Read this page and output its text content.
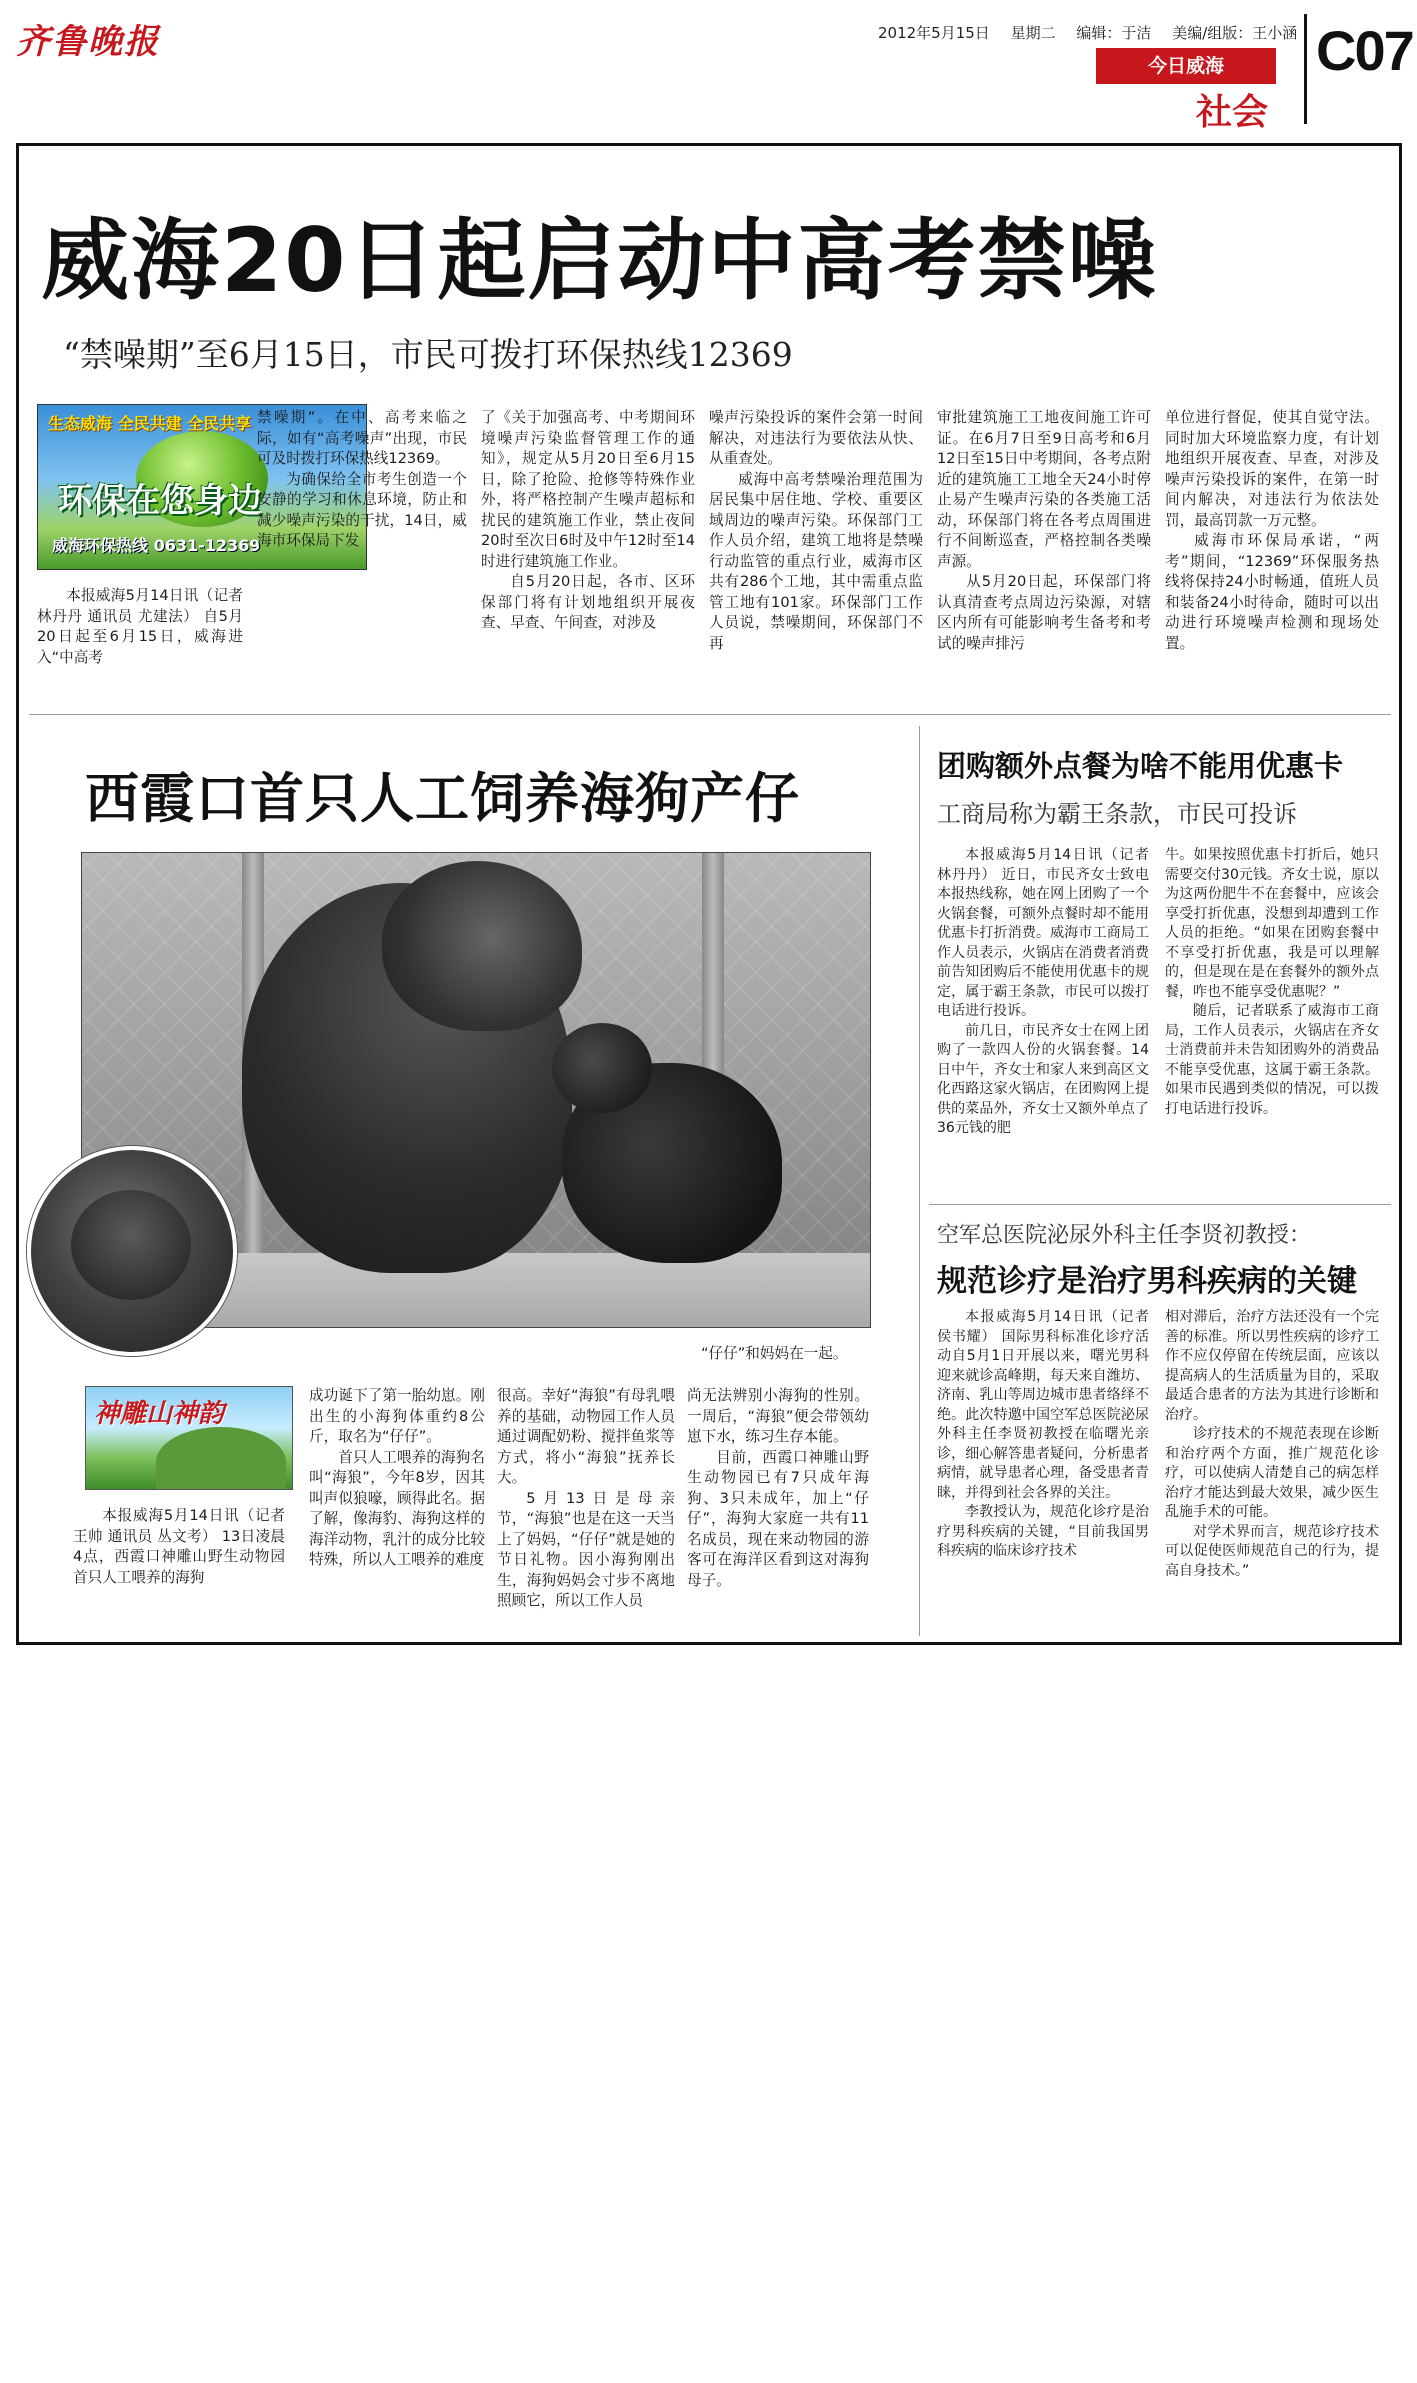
齐鲁晚报	2012年5月15日 星期二 编辑：于洁 美编/组版：王小涵
今日威海
社会
C07
威海20日起启动中高考禁噪
“禁噪期”至6月15日，市民可拨打环保热线12369
生态威海 全民共建 全民共享
环保在您身边
威海环保热线 0631-12369

本报威海5月14日讯（记者 林丹丹 通讯员 尤建法） 自5月20日起至6月15日，威海进入“中高考

禁噪期”。在中、高考来临之际，如有“高考噪声”出现，市民可及时拨打环保热线12369。

为确保给全市考生创造一个安静的学习和休息环境，防止和减少噪声污染的干扰，14日，威海市环保局下发

了《关于加强高考、中考期间环境噪声污染监督管理工作的通知》，规定从5月20日至6月15日，除了抢险、抢修等特殊作业外，将严格控制产生噪声超标和扰民的建筑施工作业，禁止夜间20时至次日6时及中午12时至14时进行建筑施工作业。

自5月20日起，各市、区环保部门将有计划地组织开展夜查、早查、午间查，对涉及

噪声污染投诉的案件会第一时间解决，对违法行为要依法从快、从重查处。

威海中高考禁噪治理范围为居民集中居住地、学校、重要区域周边的噪声污染。环保部门工作人员介绍，建筑工地将是禁噪行动监管的重点行业，威海市区共有286个工地，其中需重点监管工地有101家。环保部门工作人员说，禁噪期间，环保部门不再

审批建筑施工工地夜间施工许可证。在6月7日至9日高考和6月12日至15日中考期间，各考点附近的建筑施工工地全天24小时停止易产生噪声污染的各类施工活动，环保部门将在各考点周围进行不间断巡查，严格控制各类噪声源。

从5月20日起，环保部门将认真清查考点周边污染源，对辖区内所有可能影响考生备考和考试的噪声排污

单位进行督促，使其自觉守法。同时加大环境监察力度，有计划地组织开展夜查、早查，对涉及噪声污染投诉的案件，在第一时间内解决，对违法行为依法处罚，最高罚款一万元整。

威海市环保局承诺，“两考”期间，“12369”环保服务热线将保持24小时畅通，值班人员和装备24小时待命，随时可以出动进行环境噪声检测和现场处置。

西霞口首只人工饲养海狗产仔
“仔仔”和妈妈在一起。
神雕山神韵

本报威海5月14日讯（记者 王帅 通讯员 丛文考） 13日凌晨4点，西霞口神雕山野生动物园首只人工喂养的海狗

成功诞下了第一胎幼崽。刚出生的小海狗体重约8公斤，取名为“仔仔”。

首只人工喂养的海狗名叫“海狼”，今年8岁，因其叫声似狼嚎，顾得此名。据了解，像海豹、海狗这样的海洋动物，乳汁的成分比较特殊，所以人工喂养的难度

很高。幸好“海狼”有母乳喂养的基础，动物园工作人员通过调配奶粉、搅拌鱼浆等方式，将小“海狼”抚养长大。

5月13日是母亲节，“海狼”也是在这一天当上了妈妈，“仔仔”就是她的节日礼物。因小海狗刚出生，海狗妈妈会寸步不离地照顾它，所以工作人员

尚无法辨别小海狗的性别。一周后，“海狼”便会带领幼崽下水，练习生存本能。

目前，西霞口神雕山野生动物园已有7只成年海狗、3只未成年，加上“仔仔”，海狗大家庭一共有11名成员，现在来动物园的游客可在海洋区看到这对海狗母子。

团购额外点餐为啥不能用优惠卡
工商局称为霸王条款，市民可投诉

本报威海5月14日讯（记者 林丹丹） 近日，市民齐女士致电本报热线称，她在网上团购了一个火锅套餐，可额外点餐时却不能用优惠卡打折消费。威海市工商局工作人员表示，火锅店在消费者消费前告知团购后不能使用优惠卡的规定，属于霸王条款，市民可以拨打电话进行投诉。

前几日，市民齐女士在网上团购了一款四人份的火锅套餐。14日中午，齐女士和家人来到高区文化西路这家火锅店，在团购网上提供的菜品外，齐女士又额外单点了36元钱的肥

牛。如果按照优惠卡打折后，她只需要交付30元钱。齐女士说，原以为这两份肥牛不在套餐中，应该会享受打折优惠，没想到却遭到工作人员的拒绝。“如果在团购套餐中不享受打折优惠，我是可以理解的，但是现在是在套餐外的额外点餐，咋也不能享受优惠呢？”

随后，记者联系了威海市工商局，工作人员表示，火锅店在齐女士消费前并未告知团购外的消费品不能享受优惠，这属于霸王条款。如果市民遇到类似的情况，可以拨打电话进行投诉。

空军总医院泌尿外科主任李贤初教授：
规范诊疗是治疗男科疾病的关键

本报威海5月14日讯（记者 侯书耀） 国际男科标准化诊疗活动自5月1日开展以来，曙光男科迎来就诊高峰期，每天来自潍坊、济南、乳山等周边城市患者络绎不绝。此次特邀中国空军总医院泌尿外科主任李贤初教授在临曙光亲诊，细心解答患者疑问，分析患者病情，就导患者心理，备受患者青睐，并得到社会各界的关注。

李教授认为，规范化诊疗是治疗男科疾病的关键，“目前我国男科疾病的临床诊疗技术

相对滞后，治疗方法还没有一个完善的标准。所以男性疾病的诊疗工作不应仅停留在传统层面，应该以提高病人的生活质量为目的，采取最适合患者的方法为其进行诊断和治疗。

诊疗技术的不规范表现在诊断和治疗两个方面，推广规范化诊疗，可以使病人清楚自己的病怎样治疗才能达到最大效果，减少医生乱施手术的可能。

对学术界而言，规范诊疗技术可以促使医师规范自己的行为，提高自身技术。”
